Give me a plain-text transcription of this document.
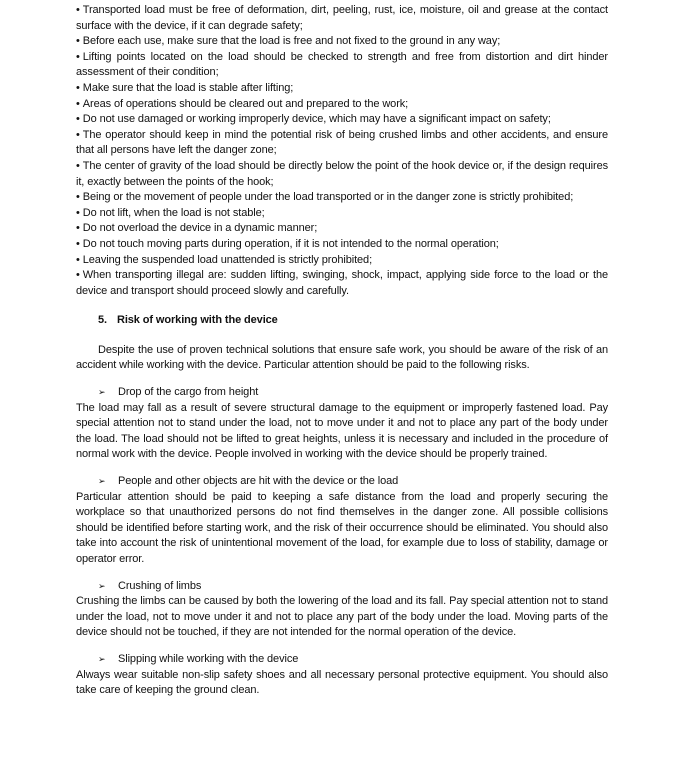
• Transported load must be free of deformation, dirt, peeling, rust, ice, moisture, oil and grease at the contact surface with the device, if it can degrade safety;
• Before each use, make sure that the load is free and not fixed to the ground in any way;
• Lifting points located on the load should be checked to strength and free from distortion and dirt hinder assessment of their condition;
• Make sure that the load is stable after lifting;
• Areas of operations should be cleared out and prepared to the work;
• Do not use damaged or working improperly device, which may have a significant impact on safety;
• The operator should keep in mind the potential risk of being crushed limbs and other accidents, and ensure that all persons have left the danger zone;
• The center of gravity of the load should be directly below the point of the hook device or, if the design requires it, exactly between the points of the hook;
• Being or the movement of people under the load transported or in the danger zone is strictly prohibited;
• Do not lift, when the load is not stable;
• Do not overload the device in a dynamic manner;
• Do not touch moving parts during operation, if it is not intended to the normal operation;
• Leaving the suspended load unattended is strictly prohibited;
• When transporting illegal are: sudden lifting, swinging, shock, impact, applying side force to the load or the device and transport should proceed slowly and carefully.
5. Risk of working with the device

Despite the use of proven technical solutions that ensure safe work, you should be aware of the risk of an accident while working with the device. Particular attention should be paid to the following risks.

➢ Drop of the cargo from height

The load may fall as a result of severe structural damage to the equipment or improperly fastened load. Pay special attention not to stand under the load, not to move under it and not to place any part of the body under the load. The load should not be lifted to great heights, unless it is necessary and included in the procedure of normal work with the device. People involved in working with the device should be properly trained.

➢ People and other objects are hit with the device or the load

Particular attention should be paid to keeping a safe distance from the load and properly securing the workplace so that unauthorized persons do not find themselves in the danger zone. All possible collisions should be identified before starting work, and the risk of their occurrence should be eliminated. You should also take into account the risk of unintentional movement of the load, for example due to loss of stability, damage or operator error.

➢ Crushing of limbs

Crushing the limbs can be caused by both the lowering of the load and its fall. Pay special attention not to stand under the load, not to move under it and not to place any part of the body under the load. Moving parts of the device should not be touched, if they are not intended for the normal operation of the device.

➢ Slipping while working with the device

Always wear suitable non-slip safety shoes and all necessary personal protective equipment. You should also take care of keeping the ground clean.
